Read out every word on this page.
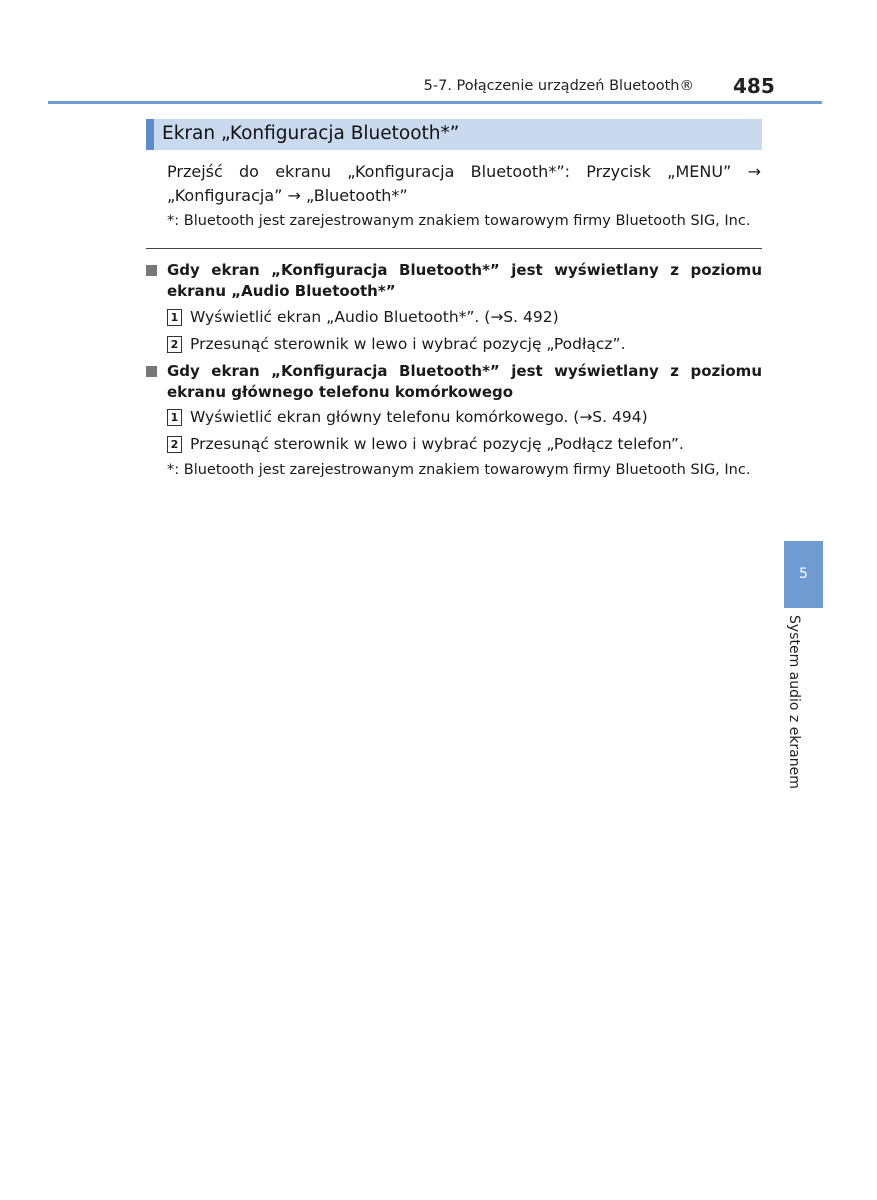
5-7. Połączenie urządzeń Bluetooth® 485
Ekran „Konfiguracja Bluetooth*”
Przejść do ekranu „Konfiguracja Bluetooth*”: Przycisk „MENU” → „Konfiguracja” → „Bluetooth*”
*: Bluetooth jest zarejestrowanym znakiem towarowym firmy Bluetooth SIG, Inc.
Gdy ekran „Konfiguracja Bluetooth*” jest wyświetlany z poziomu ekranu „Audio Bluetooth*”
1 Wyświetlić ekran „Audio Bluetooth*”. (→S. 492)
2 Przesunąć sterownik w lewo i wybrać pozycję „Podłącz”.
Gdy ekran „Konfiguracja Bluetooth*” jest wyświetlany z poziomu ekranu głównego telefonu komórkowego
1 Wyświetlić ekran główny telefonu komórkowego. (→S. 494)
2 Przesunąć sterownik w lewo i wybrać pozycję „Podłącz telefon”.
*: Bluetooth jest zarejestrowanym znakiem towarowym firmy Bluetooth SIG, Inc.
5
System audio z ekranem
